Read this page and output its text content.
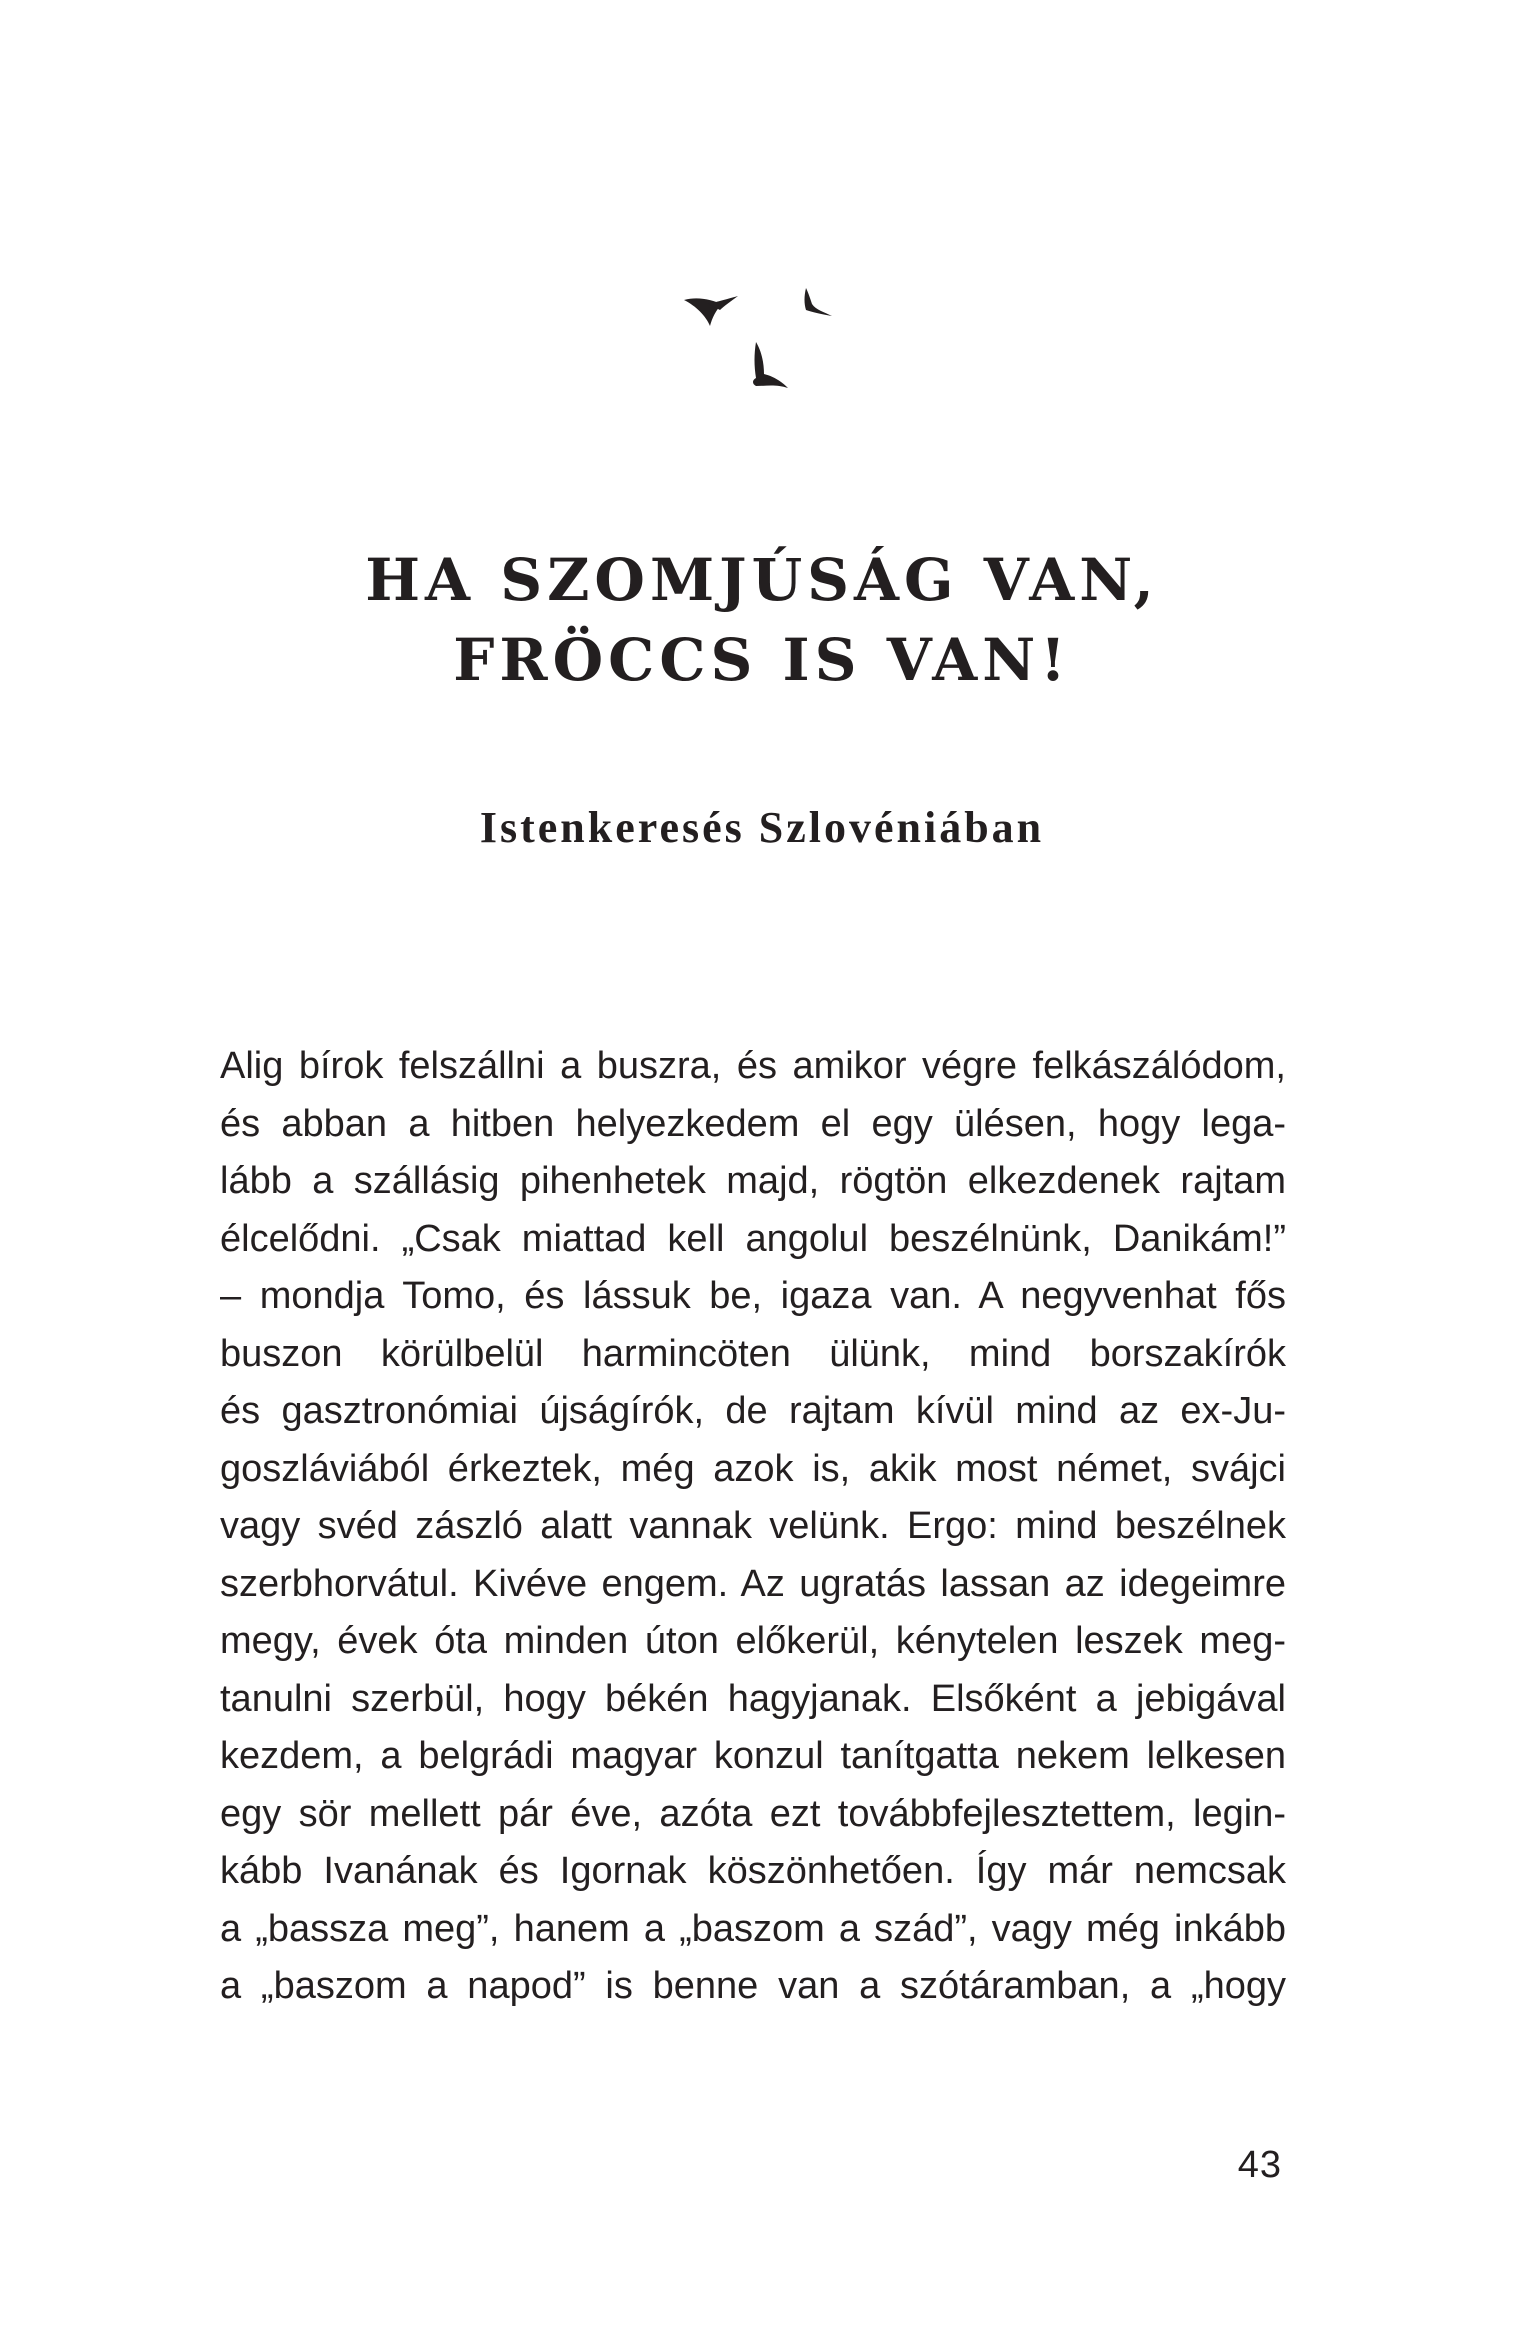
HA SZOMJÚSÁG VAN,
FRÖCCS IS VAN!
Istenkeresés Szlovéniában
Alig bírok felszállni a buszra, és amikor végre felkászálódom,
és abban a hitben helyezkedem el egy ülésen, hogy lega-
lább a szállásig pihenhetek majd, rögtön elkezdenek rajtam
élcelődni. „Csak miattad kell angolul beszélnünk, Danikám!”
– mondja Tomo, és lássuk be, igaza van. A negyvenhat fős
buszon körülbelül harmincöten ülünk, mind borszakírók
és gasztronómiai újságírók, de rajtam kívül mind az ex-Ju-
goszláviából érkeztek, még azok is, akik most német, svájci
vagy svéd zászló alatt vannak velünk. Ergo: mind beszélnek
szerbhorvátul. Kivéve engem. Az ugratás lassan az idegeimre
megy, évek óta minden úton előkerül, kénytelen leszek meg-
tanulni szerbül, hogy békén hagyjanak. Elsőként a jebigával
kezdem, a belgrádi magyar konzul tanítgatta nekem lelkesen
egy sör mellett pár éve, azóta ezt továbbfejlesztettem, legin-
kább Ivanának és Igornak köszönhetően. Így már nemcsak
a „bassza meg”, hanem a „baszom a szád”, vagy még inkább
a „baszom a napod” is benne van a szótáramban, a „hogy
43
